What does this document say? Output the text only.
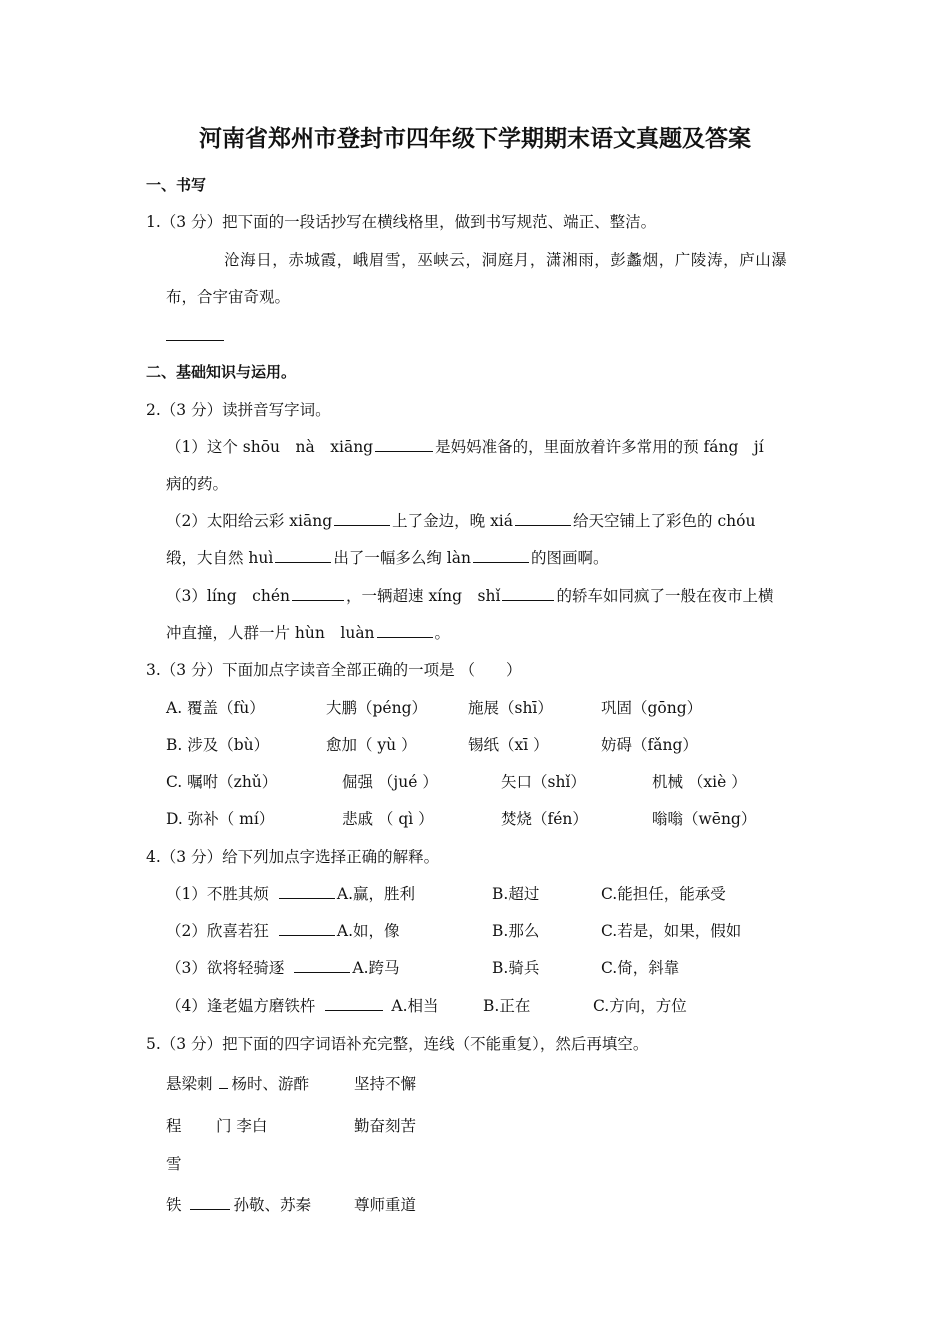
河南省郑州市登封市四年级下学期期末语文真题及答案
一、书写
1.（3 分）把下面的一段话抄写在横线格里，做到书写规范、端正、整洁。
沧海日，赤城霞，峨眉雪，巫峡云，洞庭月，潇湘雨，彭蠡烟，广陵涛，庐山瀑
布，合宇宙奇观。
二、基础知识与运用。
2.（3 分）读拼音写字词。
（1）这个 shōu　nà　xiāng	是妈妈准备的，里面放着许多常用的预 fáng　jí
病的药。
（2）太阳给云彩 xiāng	上了金边，晚 xiá	给天空铺上了彩色的 chóu
缎，大自然 huì	出了一幅多么绚 làn	的图画啊。
（3）líng　chén	，一辆超速 xíng　shǐ	的轿车如同疯了一般在夜市上横
冲直撞，人群一片 hùn　luàn	。
3.（3 分）下面加点字读音全部正确的一项是 （　　）
A. 覆盖（fù）	大鹏（péng）	施展（shī）	巩固（gōng）
B. 涉及（bù）	愈加（ yù ）	锡纸（xī ）	妨碍（fǎng）
C. 嘱咐（zhǔ）	倔强 （jué ）	矢口（shǐ）	机械 （xiè ）
D. 弥补（ mí）	悲戚 （ qì ）	焚烧（fén）	嗡嗡（wēng）
4.（3 分）给下列加点字选择正确的解释。
（1）不胜其烦	A.赢，胜利	B.超过	C.能担任，能承受
（2）欣喜若狂	A.如，像	B.那么	C.若是，如果，假如
（3）欲将轻骑逐	A.跨马	B.骑兵	C.倚，斜靠
（4）逢老媪方磨铁杵	A.相当	B.正在	C.方向，方位
5.（3 分）把下面的四字词语补充完整，连线（不能重复），然后再填空。
悬梁刺 杨时、游酢	坚持不懈
程 门 李白	勤奋刻苦
雪
铁	孙敬、苏秦	尊师重道
